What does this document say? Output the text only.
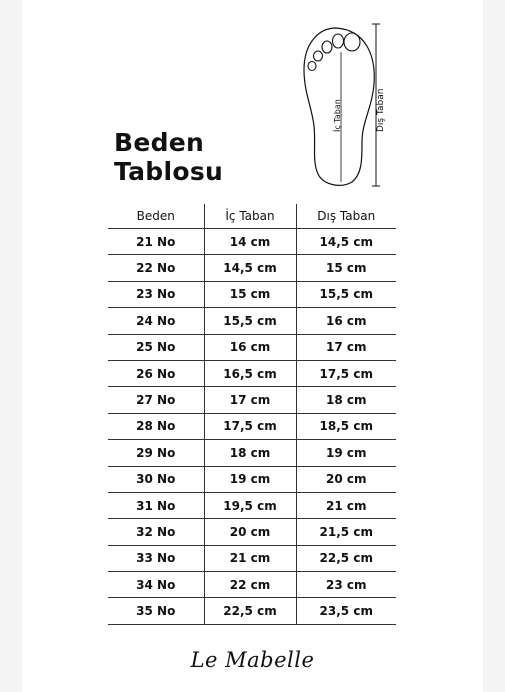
Beden
Tablosu
İç Taban	Dış Taban
Beden	İç Taban	Dış Taban
21 No	14 cm	14,5 cm
22 No	14,5 cm	15 cm
23 No	15 cm	15,5 cm
24 No	15,5 cm	16 cm
25 No	16 cm	17 cm
26 No	16,5 cm	17,5 cm
27 No	17 cm	18 cm
28 No	17,5 cm	18,5 cm
29 No	18 cm	19 cm
30 No	19 cm	20 cm
31 No	19,5 cm	21 cm
32 No	20 cm	21,5 cm
33 No	21 cm	22,5 cm
34 No	22 cm	23 cm
35 No	22,5 cm	23,5 cm
Le Mabelle
